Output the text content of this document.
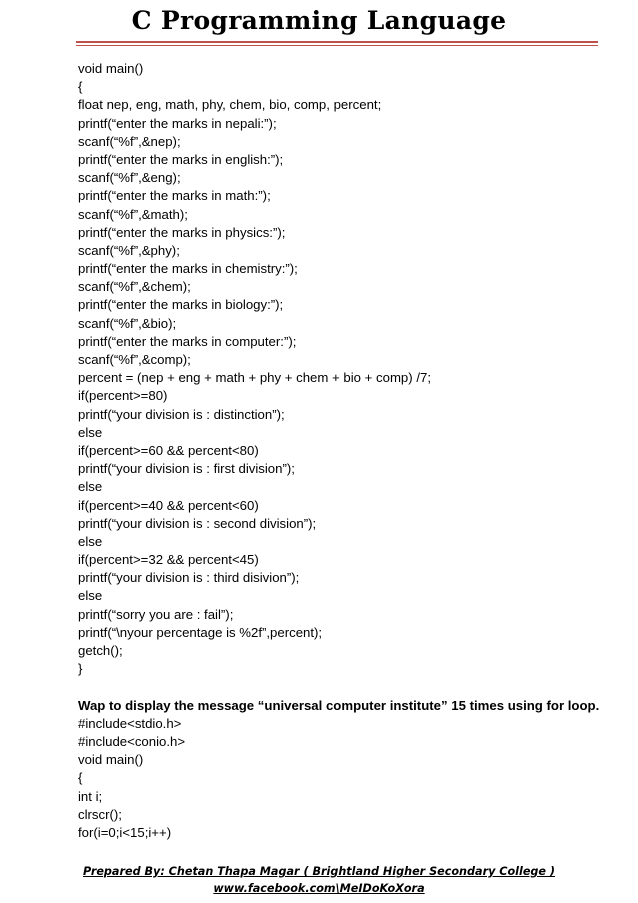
C Programming Language
void main()
{
float nep, eng, math, phy, chem, bio, comp, percent;
printf(“enter the marks in nepali:”);
scanf(“%f”,&nep);
printf(“enter the marks in english:”);
scanf(“%f”,&eng);
printf(“enter the marks in math:”);
scanf(“%f”,&math);
printf(“enter the marks in physics:”);
scanf(“%f”,&phy);
printf(“enter the marks in chemistry:”);
scanf(“%f”,&chem);
printf(“enter the marks in biology:”);
scanf(“%f”,&bio);
printf(“enter the marks in computer:”);
scanf(“%f”,&comp);
percent = (nep + eng + math + phy + chem + bio + comp) /7;
if(percent>=80)
printf(“your division is : distinction”);
else
if(percent>=60 && percent<80)
printf(“your division is : first division”);
else
if(percent>=40 && percent<60)
printf(“your division is : second division”);
else
if(percent>=32 && percent<45)
printf(“your division is : third disivion”);
else
printf(“sorry you are : fail”);
printf(“\nyour percentage is %2f”,percent);
getch();
}
Wap to display the message “universal computer institute” 15 times using for loop.
#include<stdio.h>
#include<conio.h>
void main()
{
int i;
clrscr();
for(i=0;i<15;i++)
Prepared By: Chetan Thapa Magar ( Brightland Higher Secondary College )
www.facebook.com\MeIDoKoXora
